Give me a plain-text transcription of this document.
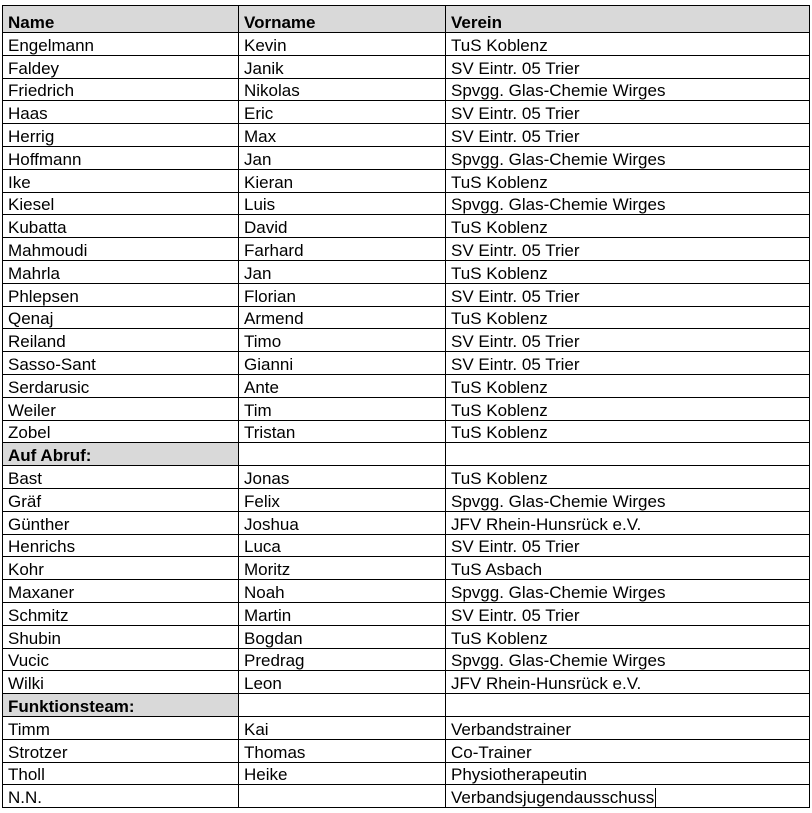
Name	Vorname	Verein
Engelmann	Kevin	TuS Koblenz
Faldey	Janik	SV Eintr. 05 Trier
Friedrich	Nikolas	Spvgg. Glas-Chemie Wirges
Haas	Eric	SV Eintr. 05 Trier
Herrig	Max	SV Eintr. 05 Trier
Hoffmann	Jan	Spvgg. Glas-Chemie Wirges
Ike	Kieran	TuS Koblenz
Kiesel	Luis	Spvgg. Glas-Chemie Wirges
Kubatta	David	TuS Koblenz
Mahmoudi	Farhard	SV Eintr. 05 Trier
Mahrla	Jan	TuS Koblenz
Phlepsen	Florian	SV Eintr. 05 Trier
Qenaj	Armend	TuS Koblenz
Reiland	Timo	SV Eintr. 05 Trier
Sasso-Sant	Gianni	SV Eintr. 05 Trier
Serdarusic	Ante	TuS Koblenz
Weiler	Tim	TuS Koblenz
Zobel	Tristan	TuS Koblenz
Auf Abruf:		
Bast	Jonas	TuS Koblenz
Gräf	Felix	Spvgg. Glas-Chemie Wirges
Günther	Joshua	JFV Rhein-Hunsrück e.V.
Henrichs	Luca	SV Eintr. 05 Trier
Kohr	Moritz	TuS Asbach
Maxaner	Noah	Spvgg. Glas-Chemie Wirges
Schmitz	Martin	SV Eintr. 05 Trier
Shubin	Bogdan	TuS Koblenz
Vucic	Predrag	Spvgg. Glas-Chemie Wirges
Wilki	Leon	JFV Rhein-Hunsrück e.V.
Funktionsteam:		
Timm	Kai	Verbandstrainer
Strotzer	Thomas	Co-Trainer
Tholl	Heike	Physiotherapeutin
N.N.		Verbandsjugendausschuss
